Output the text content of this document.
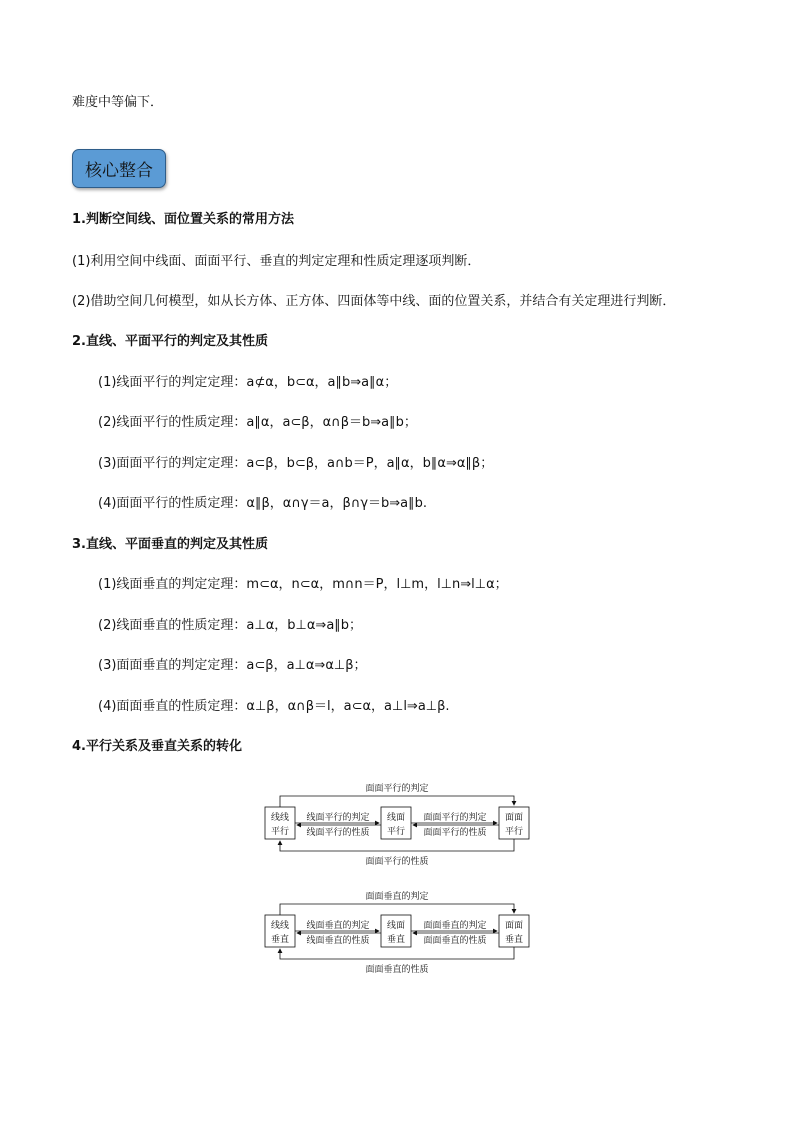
难度中等偏下．
核心整合
1.判断空间线、面位置关系的常用方法
(1)利用空间中线面、面面平行、垂直的判定定理和性质定理逐项判断．
(2)借助空间几何模型，如从长方体、正方体、四面体等中线、面的位置关系，并结合有关定理进行判断．
2.直线、平面平行的判定及其性质
(1)线面平行的判定定理：a⊄α，b⊂α，a∥b⇒a∥α；
(2)线面平行的性质定理：a∥α，a⊂β，α∩β＝b⇒a∥b；
(3)面面平行的判定定理：a⊂β，b⊂β，a∩b＝P，a∥α，b∥α⇒α∥β；
(4)面面平行的性质定理：α∥β，α∩γ＝a，β∩γ＝b⇒a∥b.
3.直线、平面垂直的判定及其性质
(1)线面垂直的判定定理：m⊂α，n⊂α，m∩n＝P，l⊥m，l⊥n⇒l⊥α；
(2)线面垂直的性质定理：a⊥α，b⊥α⇒a∥b；
(3)面面垂直的判定定理：a⊂β，a⊥α⇒α⊥β；
(4)面面垂直的性质定理：α⊥β，α∩β＝l，a⊂α，a⊥l⇒a⊥β.
4.平行关系及垂直关系的转化
面面平行的判定
线线
平行
线面
平行
面面
平行
线面平行的判定
线面平行的性质
面面平行的判定
面面平行的性质
面面平行的性质
面面垂直的判定
线线
垂直
线面
垂直
面面
垂直
线面垂直的判定
线面垂直的性质
面面垂直的判定
面面垂直的性质
面面垂直的性质
